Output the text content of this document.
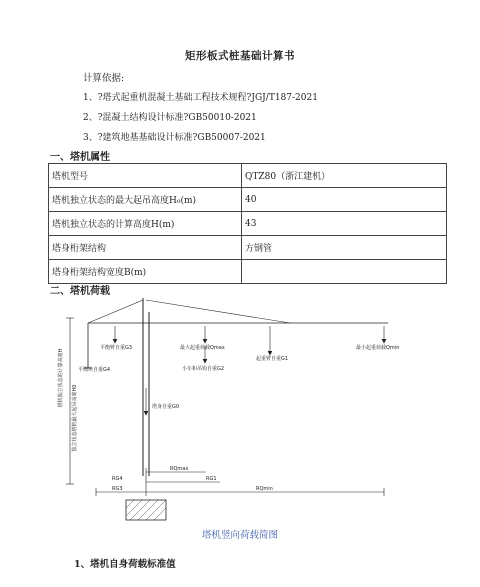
矩形板式桩基础计算书
计算依据:
1、?塔式起重机混凝土基础工程技术规程?JGJ/T187-2021
2、?混凝土结构设计标准?GB50010-2021
3、?建筑地基基础设计标准?GB50007-2021
一、塔机属性
塔机型号	QTZ80（浙江建机）
塔机独立状态的最大起吊高度H₀(m)	40
塔机独立状态的计算高度H(m)	43
塔身桁架结构	方钢管
塔身桁架结构宽度B(m)	
二、塔机荷载
平衡臂自重G3	最大起重荷载Qmax
起重臂自重G1
最小起重荷载Qmin
平衡块自重G4	小车和吊钩自重G2
塔身自重G0
塔机独立状态的计算高度H
独立状态塔机最大起吊高度H0
RQmax
RG1
RG3	RQmin
RG4
塔机竖向荷载简图
1、塔机自身荷载标准值
